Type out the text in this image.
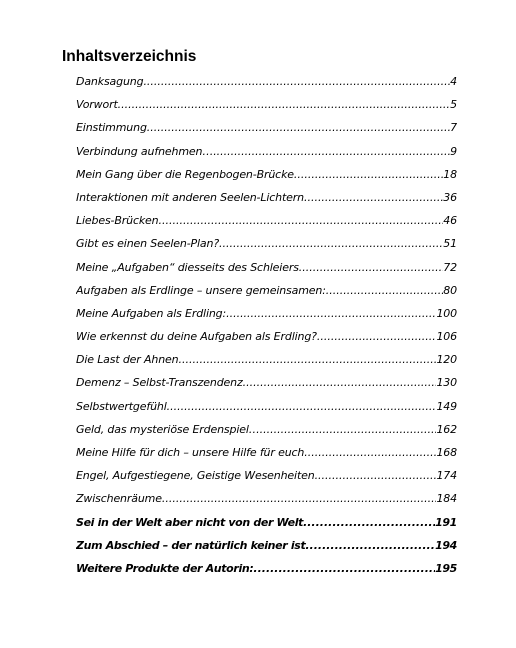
Inhaltsverzeichnis
Danksagung .....	4
Vorwort .....	5
Einstimmung .....	7
Verbindung aufnehmen… .....	9
Mein Gang über die Regenbogen-Brücke .....	18
Interaktionen mit anderen Seelen-Lichtern .....	36
Liebes-Brücken .....	46
Gibt es einen Seelen-Plan? .....	51
Meine „Aufgaben“ diesseits des Schleiers .....	72
Aufgaben als Erdlinge – unsere gemeinsamen: .....	80
Meine Aufgaben als Erdling: .....	100
Wie erkennst du deine Aufgaben als Erdling? .....	106
Die Last der Ahnen .....	120
Demenz – Selbst-Transzendenz .....	130
Selbstwertgefühl .....	149
Geld, das mysteriöse Erdenspiel… .....	162
Meine Hilfe für dich – unsere Hilfe für euch .....	168
Engel, Aufgestiegene, Geistige Wesenheiten .....	174
Zwischenräume .....	184
Sei in der Welt aber nicht von der Welt .....	191
Zum Abschied – der natürlich keiner ist .....	194
Weitere Produkte der Autorin: .....	195
